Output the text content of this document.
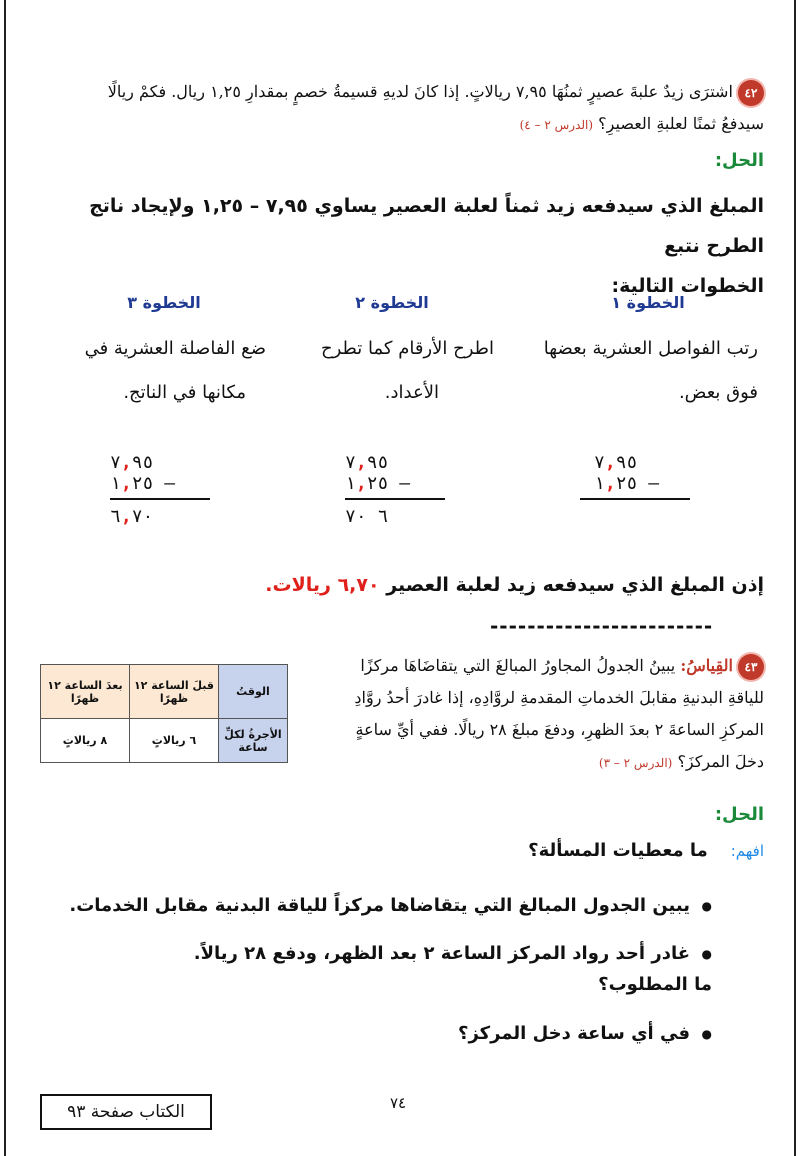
٤٢ اشترَى زيدٌ علبةَ عصيرٍ ثمنُهَا ٧,٩٥ ريالاتٍ. إذا كانَ لديهِ قسيمةُ خصمٍ بمقدارِ ١,٢٥ ريال. فكمْ ريالًا
سيدفعُ ثمنًا لعلبةِ العصيرِ؟ (الدرس ٢ – ٤)
الحل:
المبلغ الذي سيدفعه زيد ثمناً لعلبة العصير يساوي ٧,٩٥ – ١,٢٥ ولإيجاد ناتج الطرح نتبع
الخطوات التالية:
الخطوة ١
الخطوة ٢
الخطوة ٣
رتب الفواصل العشرية بعضها
فوق بعض.
اطرح الأرقام كما تطرح
الأعداد.
ضع الفاصلة العشرية في
مكانها في الناتج.
٧,٩٥
١,٢٥ –
٧,٩٥
١,٢٥ –
٦ ٧٠
٧,٩٥
١,٢٥ –
٦,٧٠
إذن المبلغ الذي سيدفعه زيد لعلبة العصير ٦,٧٠ ريالات.
------------------------
٤٣ القِياسُ: يبينُ الجدولُ المجاورُ المبالغَ التي يتقاضَاهَا مركزًا
للياقةِ البدنيةِ مقابلَ الخدماتِ المقدمةِ لروَّادِهِ، إذا غادرَ أحدُ روَّادِ
المركزِ الساعةَ ٢ بعدَ الظهرِ، ودفعَ مبلغَ ٢٨ ريالًا. ففي أيِّ ساعةٍ
دخلَ المركزَ؟ (الدرس ٢ – ٣)
الوقتُ	قبلَ الساعة ١٢ ظهرًا	بعدَ الساعة ١٢ ظهرًا
الأجرةُ لكلِّ ساعة	٦ ريالاتٍ	٨ ريالاتٍ
الحل:
افهم:    ما معطيات المسألة؟
● يبين الجدول المبالغ التي يتقاضاها مركزاً للياقة البدنية مقابل الخدمات.
● غادر أحد رواد المركز الساعة ٢ بعد الظهر، ودفع ٢٨ ريالاً.
ما المطلوب؟
● في أي ساعة دخل المركز؟
الكتاب صفحة ٩٣	٧٤
